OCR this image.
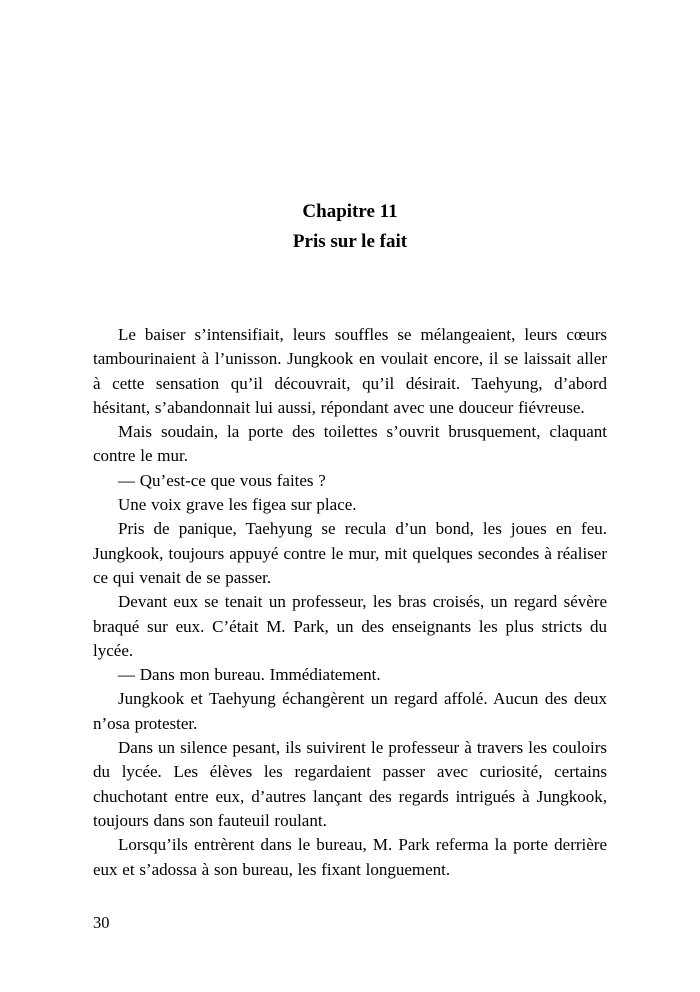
Chapitre 11
Pris sur le fait

Le baiser s’intensifiait, leurs souffles se mélangeaient, leurs cœurs tambourinaient à l’unisson. Jungkook en voulait encore, il se laissait aller à cette sensation qu’il découvrait, qu’il désirait. Taehyung, d’abord hésitant, s’abandonnait lui aussi, répondant avec une douceur fiévreuse.

Mais soudain, la porte des toilettes s’ouvrit brusquement, claquant contre le mur.

— Qu’est-ce que vous faites ?

Une voix grave les figea sur place.

Pris de panique, Taehyung se recula d’un bond, les joues en feu. Jungkook, toujours appuyé contre le mur, mit quelques secondes à réaliser ce qui venait de se passer.

Devant eux se tenait un professeur, les bras croisés, un regard sévère braqué sur eux. C’était M. Park, un des enseignants les plus stricts du lycée.

— Dans mon bureau. Immédiatement.

Jungkook et Taehyung échangèrent un regard affolé. Aucun des deux n’osa protester.

Dans un silence pesant, ils suivirent le professeur à travers les couloirs du lycée. Les élèves les regardaient passer avec curiosité, certains chuchotant entre eux, d’autres lançant des regards intrigués à Jungkook, toujours dans son fauteuil roulant.

Lorsqu’ils entrèrent dans le bureau, M. Park referma la porte derrière eux et s’adossa à son bureau, les fixant longuement.

30
